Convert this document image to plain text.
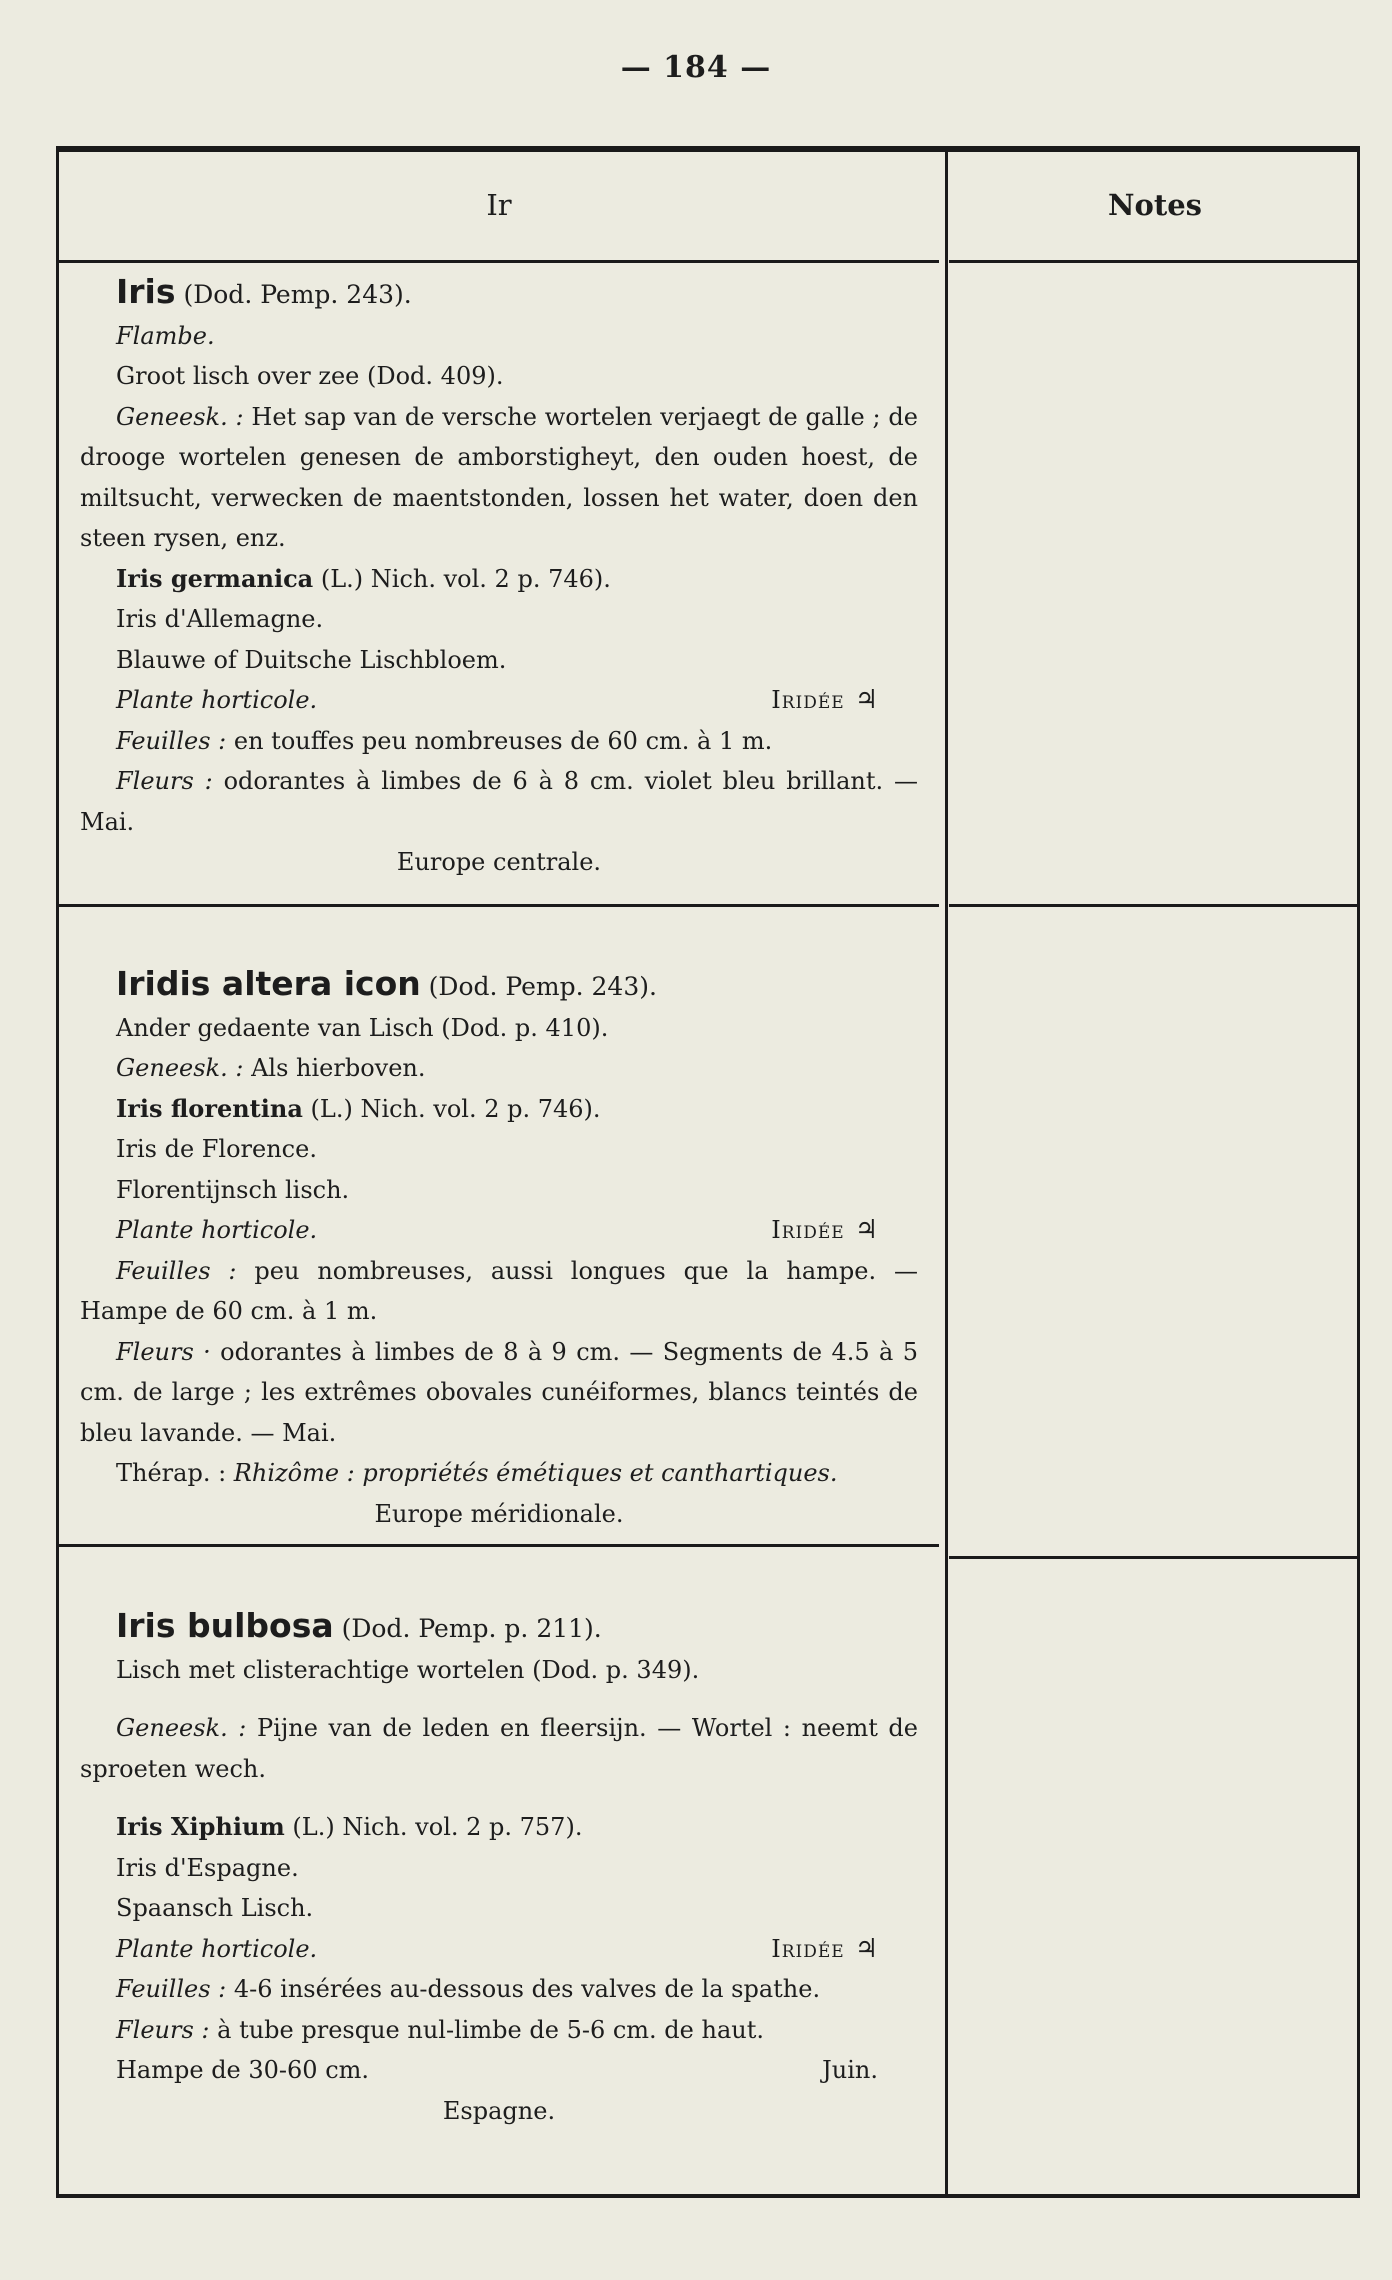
— 184 —
Ir	Notes
Iris (Dod. Pemp. 243).
Flambe.
Groot lisch over zee (Dod. 409).
Geneesk. : Het sap van de versche wortelen verjaegt de galle ; de drooge wortelen genesen de amborstigheyt, den ouden hoest, de miltsucht, verwecken de maentstonden, lossen het water, doen den steen rysen, enz.
Iris germanica (L.) Nich. vol. 2 p. 746).
Iris d'Allemagne.
Blauwe of Duitsche Lischbloem.
Plante horticole.	Iridée ♃
Feuilles : en touffes peu nombreuses de 60 cm. à 1 m.
Fleurs : odorantes à limbes de 6 à 8 cm. violet bleu brillant. — Mai.
Europe centrale.
Iridis altera icon (Dod. Pemp. 243).
Ander gedaente van Lisch (Dod. p. 410).
Geneesk. : Als hierboven.
Iris florentina (L.) Nich. vol. 2 p. 746).
Iris de Florence.
Florentijnsch lisch.
Plante horticole.	Iridée ♃
Feuilles : peu nombreuses, aussi longues que la hampe. — Hampe de 60 cm. à 1 m.
Fleurs · odorantes à limbes de 8 à 9 cm. — Segments de 4.5 à 5 cm. de large ; les extrêmes obovales cunéiformes, blancs teintés de bleu lavande. — Mai.
Thérap. : Rhizôme : propriétés émétiques et canthartiques.
Europe méridionale.
Iris bulbosa (Dod. Pemp. p. 211).
Lisch met clisterachtige wortelen (Dod. p. 349).
Geneesk. : Pijne van de leden en fleersijn. — Wortel : neemt de sproeten wech.
Iris Xiphium (L.) Nich. vol. 2 p. 757).
Iris d'Espagne.
Spaansch Lisch.
Plante horticole.	Iridée ♃
Feuilles : 4-6 insérées au-dessous des valves de la spathe.
Fleurs : à tube presque nul-limbe de 5-6 cm. de haut.
Hampe de 30-60 cm.	Juin.
Espagne.
